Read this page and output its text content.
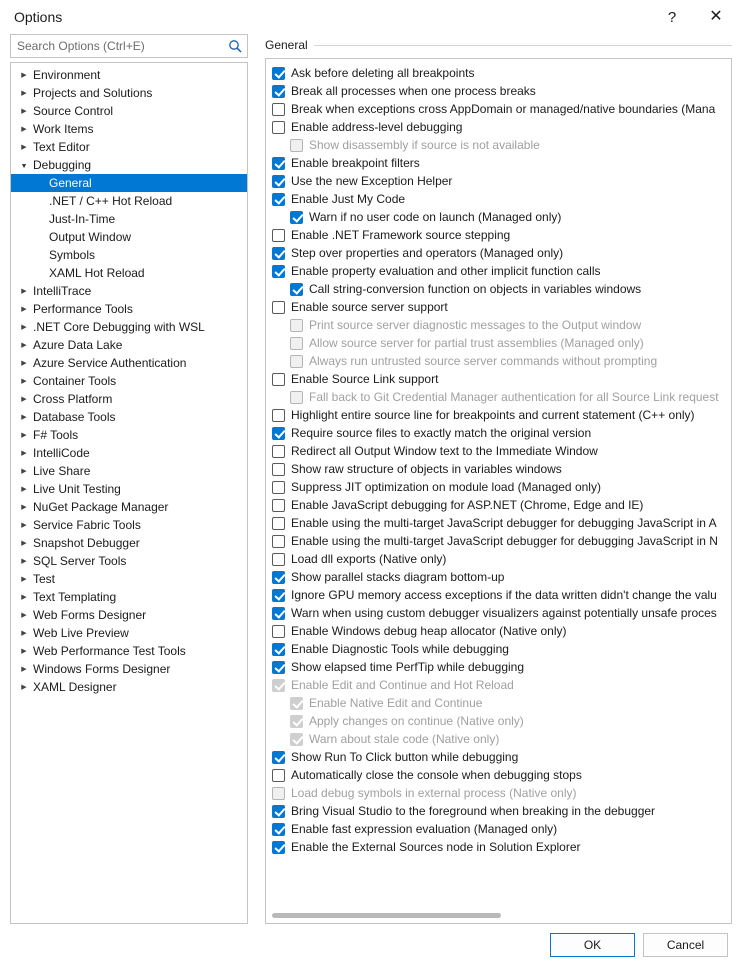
Options	?	✕
Search Options (Ctrl+E)
▶ Environment
▶ Projects and Solutions
▶ Source Control
▶ Work Items
▶ Text Editor
▲ Debugging
General
.NET / C++ Hot Reload
Just-In-Time
Output Window
Symbols
XAML Hot Reload
▶ IntelliTrace
▶ Performance Tools
▶ .NET Core Debugging with WSL
▶ Azure Data Lake
▶ Azure Service Authentication
▶ Container Tools
▶ Cross Platform
▶ Database Tools
▶ F# Tools
▶ IntelliCode
▶ Live Share
▶ Live Unit Testing
▶ NuGet Package Manager
▶ Service Fabric Tools
▶ Snapshot Debugger
▶ SQL Server Tools
▶ Test
▶ Text Templating
▶ Web Forms Designer
▶ Web Live Preview
▶ Web Performance Test Tools
▶ Windows Forms Designer
▶ XAML Designer
General
Ask before deleting all breakpoints
Break all processes when one process breaks
Break when exceptions cross AppDomain or managed/native boundaries (Mana
Enable address-level debugging
Show disassembly if source is not available
Enable breakpoint filters
Use the new Exception Helper
Enable Just My Code
Warn if no user code on launch (Managed only)
Enable .NET Framework source stepping
Step over properties and operators (Managed only)
Enable property evaluation and other implicit function calls
Call string-conversion function on objects in variables windows
Enable source server support
Print source server diagnostic messages to the Output window
Allow source server for partial trust assemblies (Managed only)
Always run untrusted source server commands without prompting
Enable Source Link support
Fall back to Git Credential Manager authentication for all Source Link request
Highlight entire source line for breakpoints and current statement (C++ only)
Require source files to exactly match the original version
Redirect all Output Window text to the Immediate Window
Show raw structure of objects in variables windows
Suppress JIT optimization on module load (Managed only)
Enable JavaScript debugging for ASP.NET (Chrome, Edge and IE)
Enable using the multi-target JavaScript debugger for debugging JavaScript in A
Enable using the multi-target JavaScript debugger for debugging JavaScript in N
Load dll exports (Native only)
Show parallel stacks diagram bottom-up
Ignore GPU memory access exceptions if the data written didn't change the valu
Warn when using custom debugger visualizers against potentially unsafe proces
Enable Windows debug heap allocator (Native only)
Enable Diagnostic Tools while debugging
Show elapsed time PerfTip while debugging
Enable Edit and Continue and Hot Reload
Enable Native Edit and Continue
Apply changes on continue (Native only)
Warn about stale code (Native only)
Show Run To Click button while debugging
Automatically close the console when debugging stops
Load debug symbols in external process (Native only)
Bring Visual Studio to the foreground when breaking in the debugger
Enable fast expression evaluation (Managed only)
Enable the External Sources node in Solution Explorer
OK	Cancel
